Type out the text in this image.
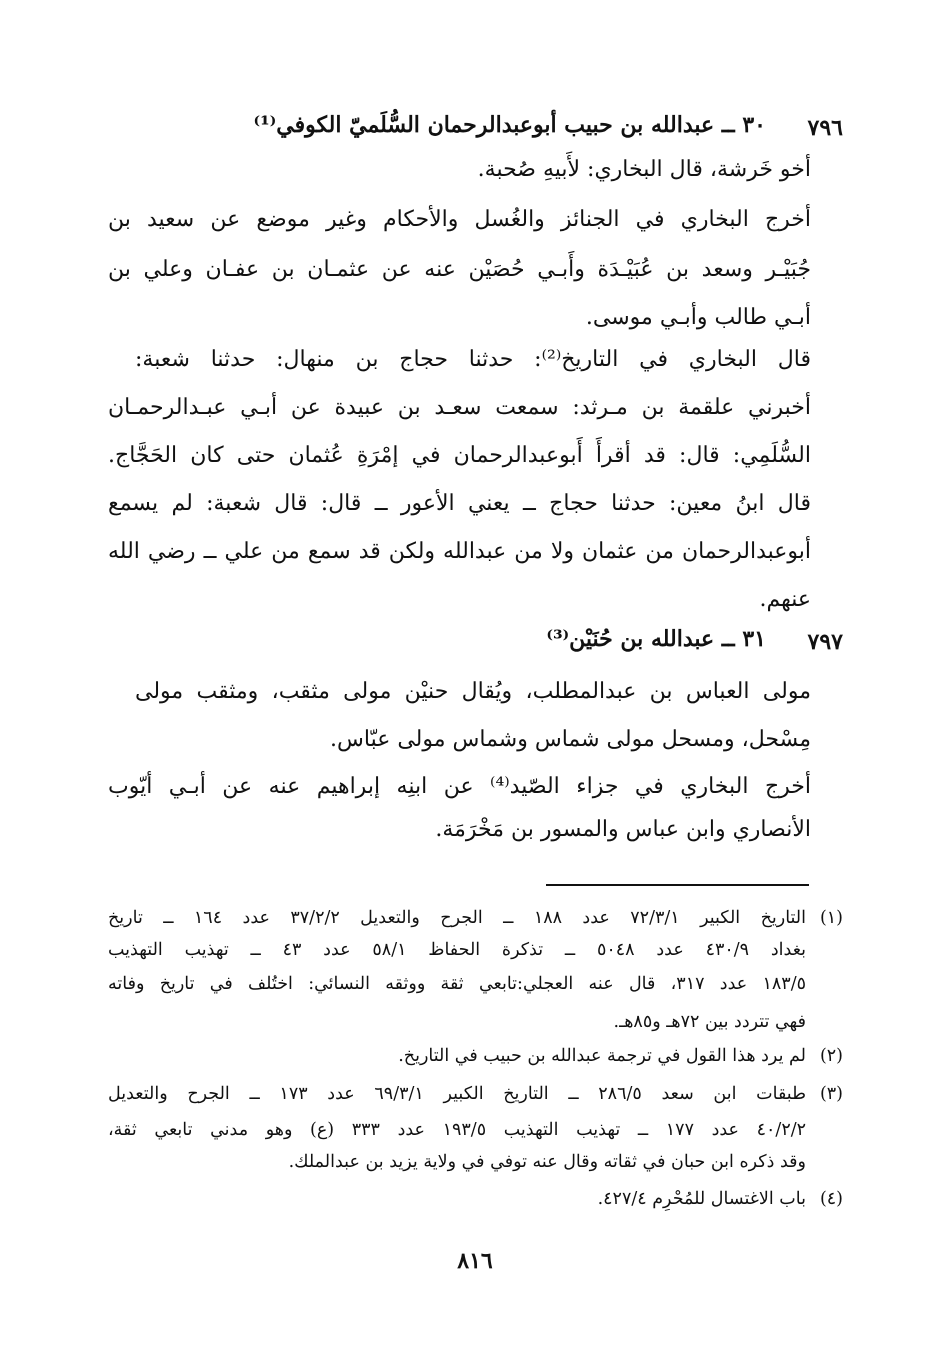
٧٩٦
٣٠ ــ عبدالله بن حبيب أبوعبدالرحمان السُّلَميّ الكوفي⁽¹⁾
أخو خَرشة، قال البخاري: لأَبيهِ صُحبة.
أخرج البخاري في الجنائز والغُسل والأحكام وغير موضع عن سعيد بن
جُبَيْـر وسعد بن عُبَيْـدَة وأَبـي حُصَيْن عنه عن عثمـان بن عفـان وعلي بن
أبـي طالب وأبـي موسى.
قال البخاري في التاريخ⁽²⁾: حدثنا حجاج بن منهال: حدثنا شعبة:
أخبرني علقمة بن مـرثد: سمعت سعـد بن عبيدة عن أبـي عبـدالرحمـان
السُّلَمِي: قال: قد أقرأَ أَبوعبدالرحمان في إمْرَةِ عُثمان حتى كان الحَجَّاج.
قال ابنُ معين: حدثنا حجاج ــ يعني الأعور ــ قال: قال شعبة: لم يسمع
أبوعبدالرحمان من عثمان ولا من عبدالله ولكن قد سمع من علي ــ رضي الله
عنهم.
٧٩٧
٣١ ــ عبدالله بن حُنَيْن⁽³⁾
مولى العباس بن عبدالمطلب، ويُقال حنيْن مولى مثقب، ومثقب مولى
مِسْحل، ومسحل مولى شماس وشماس مولى عبّاس.
أخرج البخاري في جزاء الصّيد⁽⁴⁾ عن ابنِه إبراهيم عنه عن أبـي أيّوب
الأنصاري وابن عباس والمسور بن مَخْرَمَة.
(١)
التاريخ الكبير ٧٢/٣/١ عدد ١٨٨ ــ الجرح والتعديل ٣٧/٢/٢ عدد ١٦٤ ــ تاريخ
بغداد ٤٣٠/٩ عدد ٥٠٤٨ ــ تذكرة الحفاظ ٥٨/١ عدد ٤٣ ــ تهذيب التهذيب
١٨٣/٥ عدد ٣١٧، قال عنه العجلي:تابعي ثقة ووثقه النسائي: اختُلف في تاريخ وفاته
فهي تتردد بين ٧٢هـ و٨٥هـ.
(٢)
لم يرد هذا القول في ترجمة عبدالله بن حبيب في التاريخ.
(٣)
طبقات ابن سعد ٢٨٦/٥ ــ التاريخ الكبير ٦٩/٣/١ عدد ١٧٣ ــ الجرح والتعديل
٤٠/٢/٢ عدد ١٧٧ ــ تهذيب التهذيب ١٩٣/٥ عدد ٣٣٣ (ع) وهو مدني تابعي ثقة،
وقد ذكره ابن حبان في ثقاته وقال عنه توفي في ولاية يزيد بن عبدالملك.
(٤)
باب الاغتسال للمُحْرِم ٤٢٧/٤.
٨١٦
